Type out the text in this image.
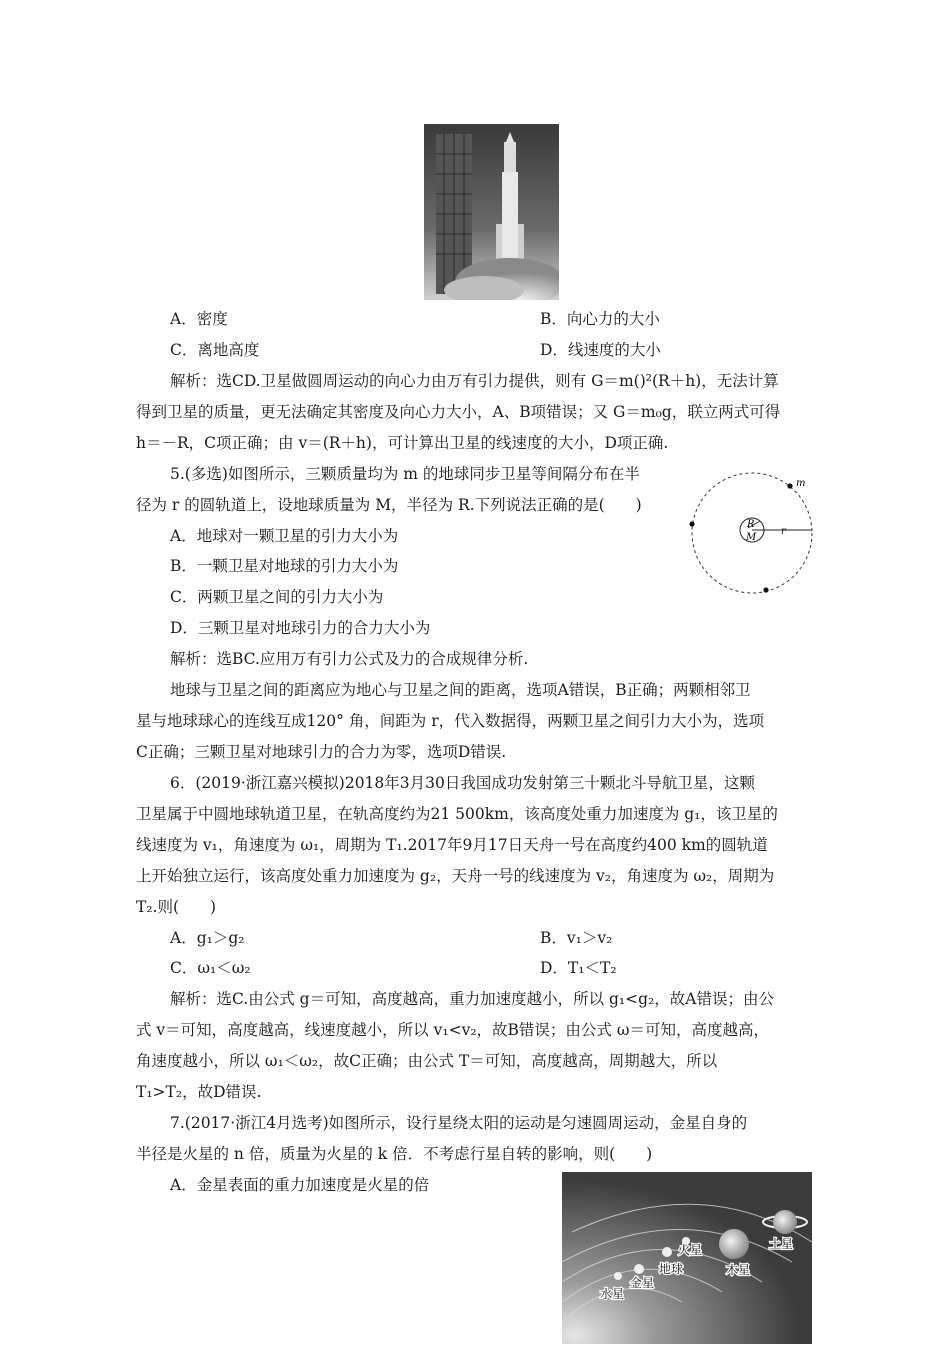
A．密度	B．向心力的大小
C．离地高度	D．线速度的大小
解析：选CD.卫星做圆周运动的向心力由万有引力提供，则有 G＝m()²(R＋h)，无法计算
得到卫星的质量，更无法确定其密度及向心力大小，A、B项错误；又 G＝m₀g，联立两式可得
h＝－R，C项正确；由 v＝(R＋h)，可计算出卫星的线速度的大小，D项正确.
5.(多选)如图所示，三颗质量均为 m 的地球同步卫星等间隔分布在半
径为 r 的圆轨道上，设地球质量为 M，半径为 R.下列说法正确的是(　　)
A．地球对一颗卫星的引力大小为
B．一颗卫星对地球的引力大小为
C．两颗卫星之间的引力大小为
D．三颗卫星对地球引力的合力大小为
m
R
M
r
解析：选BC.应用万有引力公式及力的合成规律分析.
地球与卫星之间的距离应为地心与卫星之间的距离，选项A错误，B正确；两颗相邻卫
星与地球球心的连线互成120° 角，间距为 r，代入数据得，两颗卫星之间引力大小为，选项
C正确；三颗卫星对地球引力的合力为零，选项D错误.
6．(2019·浙江嘉兴模拟)2018年3月30日我国成功发射第三十颗北斗导航卫星，这颗
卫星属于中圆地球轨道卫星，在轨高度约为21 500km，该高度处重力加速度为 g₁，该卫星的
线速度为 v₁，角速度为 ω₁，周期为 T₁.2017年9月17日天舟一号在高度约400 km的圆轨道
上开始独立运行，该高度处重力加速度为 g₂，天舟一号的线速度为 v₂，角速度为 ω₂，周期为
T₂.则(　　)
A．g₁＞g₂	B．v₁＞v₂
C．ω₁＜ω₂	D．T₁＜T₂
解析：选C.由公式 g＝可知，高度越高，重力加速度越小，所以 g₁<g₂，故A错误；由公
式 v＝可知，高度越高，线速度越小，所以 v₁<v₂，故B错误；由公式 ω＝可知，高度越高，
角速度越小，所以 ω₁＜ω₂，故C正确；由公式 T＝可知，高度越高，周期越大，所以
T₁>T₂，故D错误.
7.(2017·浙江4月选考)如图所示，设行星绕太阳的运动是匀速圆周运动，金星自身的
半径是火星的 n 倍，质量为火星的 k 倍．不考虑行星自转的影响，则(　　)
A．金星表面的重力加速度是火星的倍
水星
金星
地球
火星
木星
土星
